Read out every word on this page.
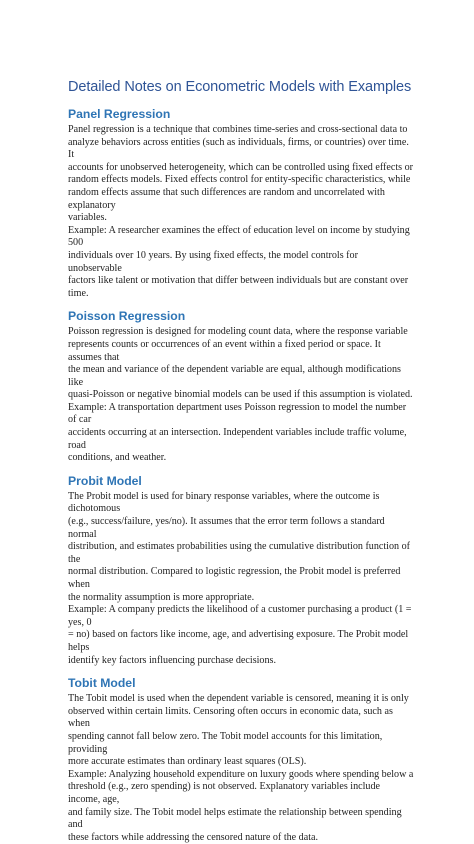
Detailed Notes on Econometric Models with Examples
Panel Regression
Panel regression is a technique that combines time-series and cross-sectional data to
analyze behaviors across entities (such as individuals, firms, or countries) over time. It
accounts for unobserved heterogeneity, which can be controlled using fixed effects or
random effects models. Fixed effects control for entity-specific characteristics, while
random effects assume that such differences are random and uncorrelated with explanatory
variables.
Example: A researcher examines the effect of education level on income by studying 500
individuals over 10 years. By using fixed effects, the model controls for unobservable
factors like talent or motivation that differ between individuals but are constant over time.
Poisson Regression
Poisson regression is designed for modeling count data, where the response variable
represents counts or occurrences of an event within a fixed period or space. It assumes that
the mean and variance of the dependent variable are equal, although modifications like
quasi-Poisson or negative binomial models can be used if this assumption is violated.
Example: A transportation department uses Poisson regression to model the number of car
accidents occurring at an intersection. Independent variables include traffic volume, road
conditions, and weather.
Probit Model
The Probit model is used for binary response variables, where the outcome is dichotomous
(e.g., success/failure, yes/no). It assumes that the error term follows a standard normal
distribution, and estimates probabilities using the cumulative distribution function of the
normal distribution. Compared to logistic regression, the Probit model is preferred when
the normality assumption is more appropriate.
Example: A company predicts the likelihood of a customer purchasing a product (1 = yes, 0
= no) based on factors like income, age, and advertising exposure. The Probit model helps
identify key factors influencing purchase decisions.
Tobit Model
The Tobit model is used when the dependent variable is censored, meaning it is only
observed within certain limits. Censoring often occurs in economic data, such as when
spending cannot fall below zero. The Tobit model accounts for this limitation, providing
more accurate estimates than ordinary least squares (OLS).
Example: Analyzing household expenditure on luxury goods where spending below a
threshold (e.g., zero spending) is not observed. Explanatory variables include income, age,
and family size. The Tobit model helps estimate the relationship between spending and
these factors while addressing the censored nature of the data.
